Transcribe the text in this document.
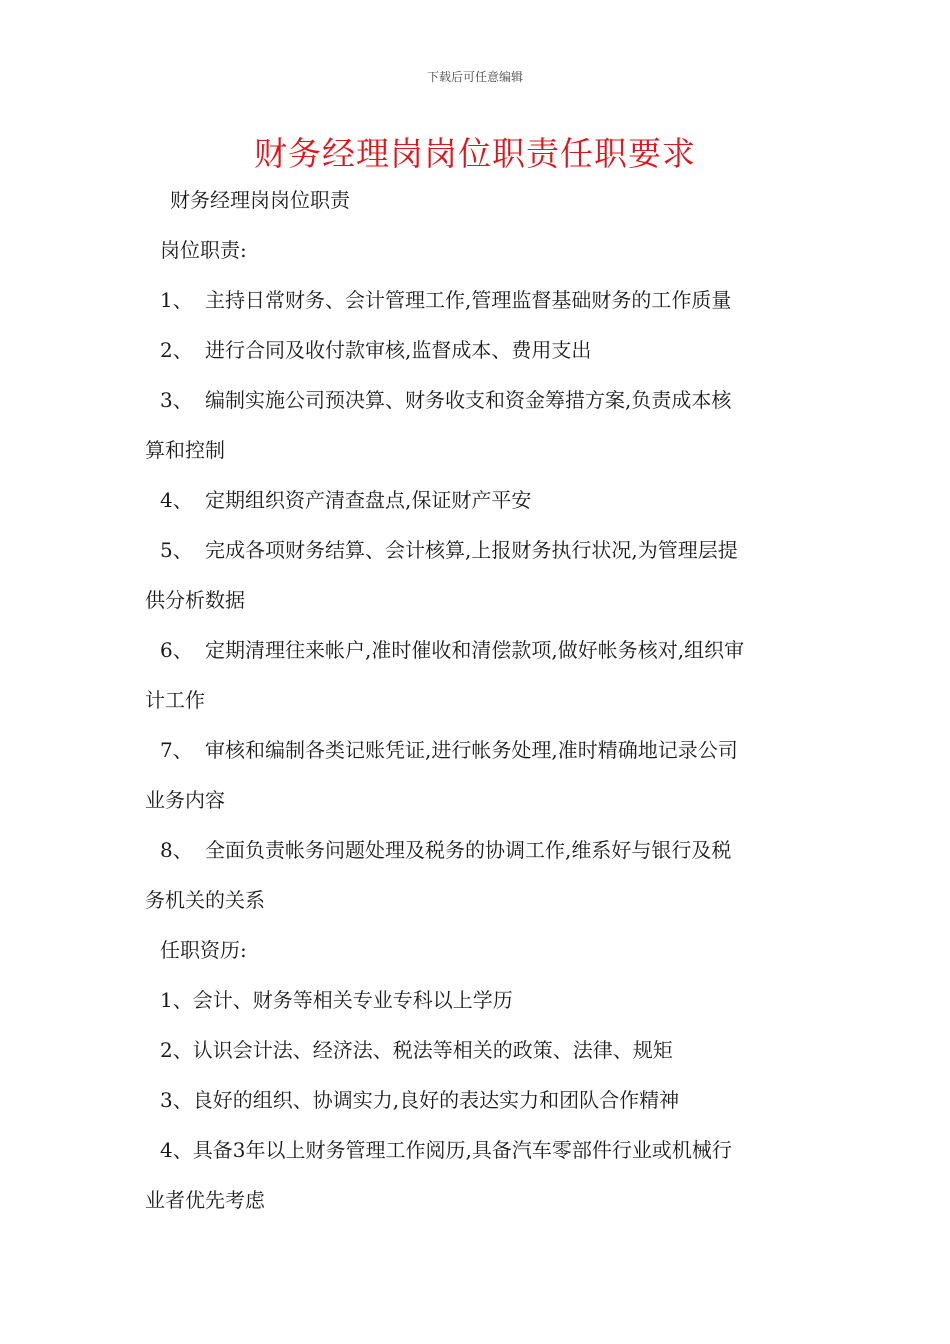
下载后可任意编辑
财务经理岗岗位职责任职要求
财务经理岗岗位职责
岗位职责:
1、 主持日常财务、会计管理工作,管理监督基础财务的工作质量
2、 进行合同及收付款审核,监督成本、费用支出
3、 编制实施公司预决算、财务收支和资金筹措方案,负责成本核
算和控制
4、 定期组织资产清查盘点,保证财产平安
5、 完成各项财务结算、会计核算,上报财务执行状况,为管理层提
供分析数据
6、 定期清理往来帐户,准时催收和清偿款项,做好帐务核对,组织审
计工作
7、 审核和编制各类记账凭证,进行帐务处理,准时精确地记录公司
业务内容
8、 全面负责帐务问题处理及税务的协调工作,维系好与银行及税
务机关的关系
任职资历:
1、会计、财务等相关专业专科以上学历
2、认识会计法、经济法、税法等相关的政策、法律、规矩
3、良好的组织、协调实力,良好的表达实力和团队合作精神
4、具备3年以上财务管理工作阅历,具备汽车零部件行业或机械行
业者优先考虑
